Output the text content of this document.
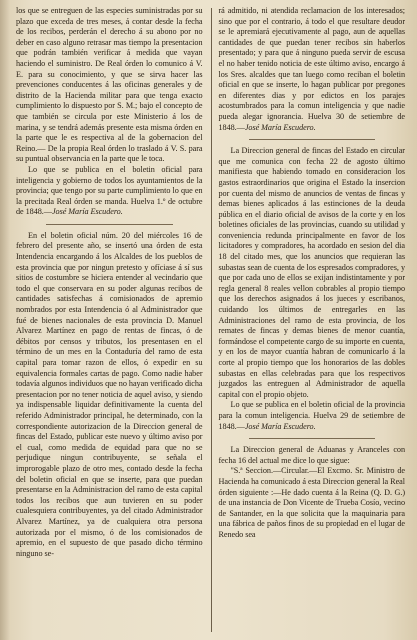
los que se entreguen de las especies suministradas por su plazo que exceda de tres meses, á contar desde la fecha de los recibos, perderán el derecho á su abono por no deber en caso alguno retrasar mas tiempo la presentacion que podrán también verificar á medida que vayan haciendo el suministro. De Real órden lo comunico á V. E. para su conocimiento, y que se sirva hacer las prevenciones conducentes á las oficinas generales y de distrito de la Hacienda militar para que tenga exacto cumplimiento lo dispuesto por S. M.; bajo el concepto de que también se circula por este Ministerio á los de marina, y se tendrá además presente esta misma órden en la parte que le es respectiva al de la gobernacion del Reino.— De la propia Real órden lo traslado á V. S. para su puntual observancia en la parte que le toca.

Lo que se publica en el boletin oficial para inteligencia y gobierno de todos los ayuntamientos de la provincia; que tengo por su parte cumplimiento lo que en la precitada Real órden se manda. Huelva 1.º de octubre de 1848.—José María Escudero.

En el boletin oficial núm. 20 del miércoles 16 de febrero del presente año, se insertó una órden de esta Intendencia encargando á los Alcaldes de los pueblos de esta provincia que por ningun pretesto y ofíciase á sí sus sitios de costumbre se hiciera entender al vecindario que todo el que conservara en su poder algunas recibos de cantidades satisfechas á comisionados de apremio nombrados por esta Intendencia ó al Administrador que fué de bienes nacionales de esta provincia D. Manuel Alvarez Martínez en pago de rentas de fincas, ó de débitos por censos y tributos, los presentasen en el término de un mes en la Contaduría del ramo de esta capital para tomar razon de ellos, ó expedir en su equivalencia formales cartas de pago. Como nadie haber todavía algunos individuos que no hayan verificado dicha presentacion por no tener noticia de aquel aviso, y siendo ya indispensable liquidar definitivamente la cuenta del referido Administrador principal, he determinado, con la correspondiente autorizacion de la Direccion general de fincas del Estado, publicar este nuevo y último aviso por el cual, como medida de equidad para que no se perjudique ningun contribuyente, se señala el improrogable plazo de otro mes, contado desde la fecha del boletin oficial en que se inserte, para que puedan presentarse en la Administracion del ramo de esta capital todos los recibos que aun tuvieren en su poder cualesquiera contribuyentes, ya del citado Administrador Alvarez Martínez, ya de cualquiera otra persona autorizada por el mismo, ó de los comisionados de apremio, en el supuesto de que pasado dicho término ninguno se-

rá admitido, ni atendida reclamacion de los interesados; sino que por el contrario, á todo el que resultare deudor se le apremiará ejecutivamente al pago, aun de aquellas cantidades de que puedan tener recibos sin haberlos presentado; y para que á ninguno pueda servir de escusa el no haber tenido noticia de este último aviso, encargo á los Sres. alcaldes que tan luego como reciban el boletin oficial en que se inserte, lo hagan publicar por pregones en diferentes dias y por edictos en los parajes acostumbrados para la comun inteligencia y que nadie pueda alegar ignorancia. Huelva 30 de setiembre de 1848.—José María Escudero.

La Direccion general de fincas del Estado en circular que me comunica con fecha 22 de agosto último manifiesta que habiendo tomado en consideracion los gastos estraordinarios que origina el Estado la insercion por cuenta del mismo de anuncios de ventas de fincas y demas bienes aplicados á las estinciones de la deuda pública en el diario oficial de avisos de la corte y en los boletines oficiales de las provincias, cuando su utilidad y conveniencia redunda principalmente en favor de los licitadores y compradores, ha acordado en sesion del dia 18 del citado mes, que los anuncios que requieran las subastas sean de cuenta de los espresados compradores, y que por cada uno de ellos se exijan indistintamente y por regla general 8 reales vellon cobrables al propio tiempo que los derechos asignados á los jueces y escribanos, cuidando los últimos de entregarles en las Administraciones del ramo de esta provincia, de los remates de fincas y demas bienes de menor cuantía, formándose el competente cargo de su importe en cuenta, y en los de mayor cuantía habran de comunicarlo á la corte al propio tiempo que los honorarios de las dobles subastas en ellas celebradas para que los respectivos juzgados las entreguen al Administrador de aquella capital con el propio objeto.

Lo que se publica en el boletin oficial de la provincia para la comun inteligencia. Huelva 29 de setiembre de 1848.—José María Escudero.

La Direccion general de Aduanas y Aranceles con fecha 16 del actual me dice lo que sigue:

"S.ª Seccion.—Circular.—El Excmo. Sr. Ministro de Hacienda ha comunicado á esta Direccion general la Real órden siguiente :—He dado cuenta á la Reina (Q. D. G.) de una instancia de Don Vicente de Trueba Cosío, vecino de Santander, en la que solicita que la maquinaria para una fábrica de paños finos de su propiedad en el lugar de Renedo sea
